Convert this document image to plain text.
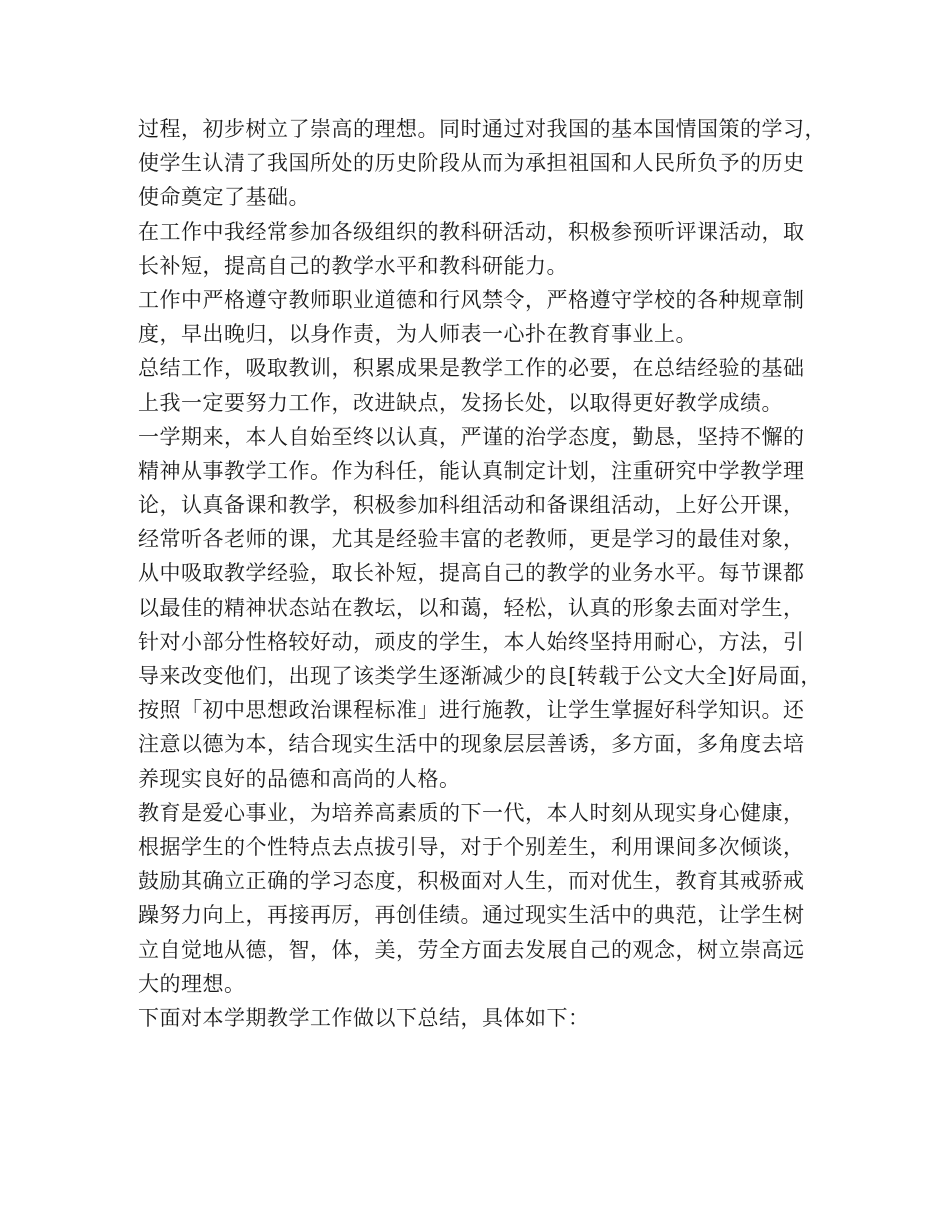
过程，初步树立了崇高的理想。同时通过对我国的基本国情国策的学习，
使学生认清了我国所处的历史阶段从而为承担祖国和人民所负予的历史
使命奠定了基础。
在工作中我经常参加各级组织的教科研活动，积极参预听评课活动，取
长补短，提高自己的教学水平和教科研能力。
工作中严格遵守教师职业道德和行风禁令，严格遵守学校的各种规章制
度，早出晚归，以身作责，为人师表一心扑在教育事业上。
总结工作，吸取教训，积累成果是教学工作的必要，在总结经验的基础
上我一定要努力工作，改进缺点，发扬长处，以取得更好教学成绩。
一学期来，本人自始至终以认真，严谨的治学态度，勤恳，坚持不懈的
精神从事教学工作。作为科任，能认真制定计划，注重研究中学教学理
论，认真备课和教学，积极参加科组活动和备课组活动，上好公开课，
经常听各老师的课，尤其是经验丰富的老教师，更是学习的最佳对象，
从中吸取教学经验，取长补短，提高自己的教学的业务水平。每节课都
以最佳的精神状态站在教坛，以和蔼，轻松，认真的形象去面对学生，
针对小部分性格较好动，顽皮的学生，本人始终坚持用耐心，方法，引
导来改变他们，出现了该类学生逐渐减少的良[转载于公文大全]好局面，
按照「初中思想政治课程标准」进行施教，让学生掌握好科学知识。还
注意以德为本，结合现实生活中的现象层层善诱，多方面，多角度去培
养现实良好的品德和高尚的人格。
教育是爱心事业，为培养高素质的下一代，本人时刻从现实身心健康，
根据学生的个性特点去点拔引导，对于个别差生，利用课间多次倾谈，
鼓励其确立正确的学习态度，积极面对人生，而对优生，教育其戒骄戒
躁努力向上，再接再厉，再创佳绩。通过现实生活中的典范，让学生树
立自觉地从德，智，体，美，劳全方面去发展自己的观念，树立崇高远
大的理想。
下面对本学期教学工作做以下总结，具体如下：
